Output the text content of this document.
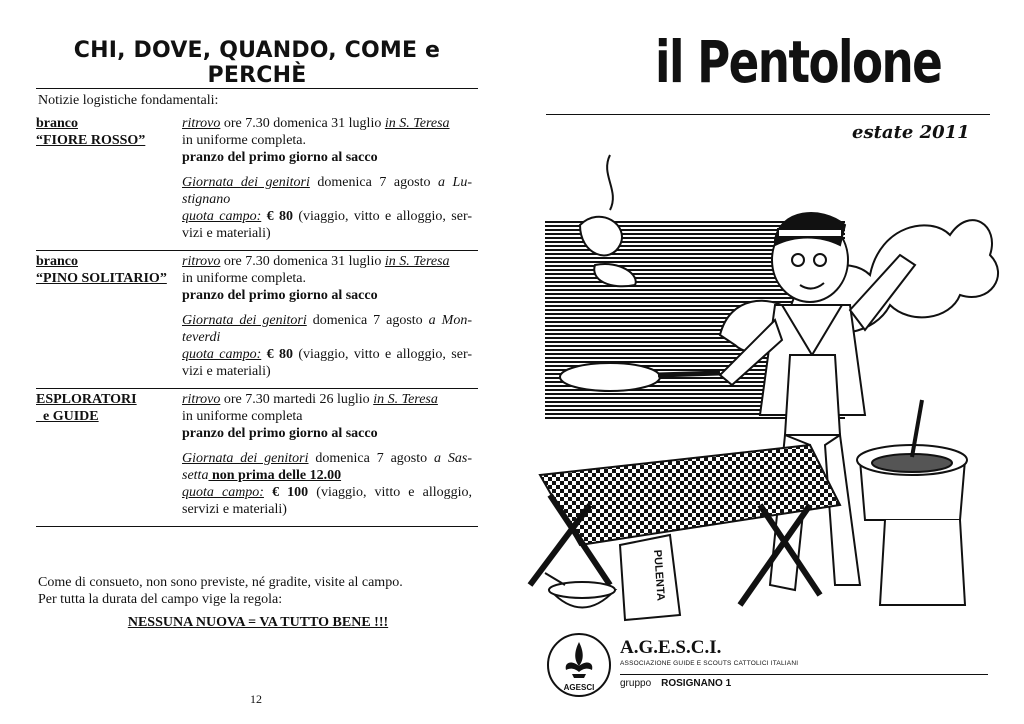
CHI, DOVE, QUANDO, COME e PERCHÈ
Notizie logistiche fondamentali:
branco
“FIORE ROSSO”
ritrovo ore 7.30 domenica 31 luglio in S. Teresa
in uniforme completa.
pranzo del primo giorno al sacco
Giornata dei genitori domenica 7 agosto a Lu-stignano
quota campo: € 80 (viaggio, vitto e alloggio, ser-vizi e materiali)
branco
“PINO SOLITARIO”
ritrovo ore 7.30 domenica 31 luglio in S. Teresa
in uniforme completa.
pranzo del primo giorno al sacco
Giornata dei genitori domenica 7 agosto a Mon-teverdi
quota campo: € 80 (viaggio, vitto e alloggio, ser-vizi e materiali)
ESPLORATORI
e GUIDE
ritrovo ore 7.30 martedi 26 luglio in S. Teresa
in uniforme completa
pranzo del primo giorno al sacco
Giornata dei genitori domenica 7 agosto a Sas-setta non prima delle 12.00
quota campo: € 100 (viaggio, vitto e alloggio, servizi e materiali)
Come di consueto, non sono previste, né gradite, visite al campo.
Per tutta la durata del campo vige la regola:
NESSUNA NUOVA = VA TUTTO BENE !!!
12
il Pentolone
estate 2011
PULENTA
AGESCI
A.G.E.S.C.I.
ASSOCIAZIONE GUIDE E SCOUTS CATTOLICI ITALIANI
gruppo ROSIGNANO 1
